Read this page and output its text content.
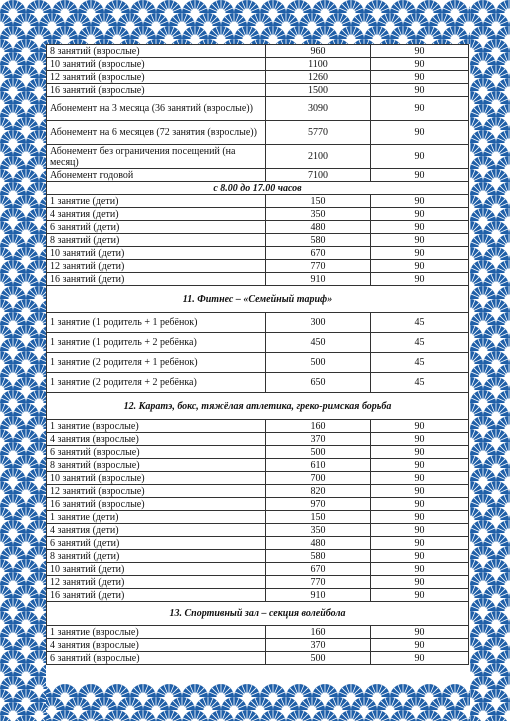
8 занятий (взрослые)	960	90
10 занятий (взрослые)	1100	90
12 занятий (взрослые)	1260	90
16 занятий (взрослые)	1500	90
Абонемент на 3 месяца (36 занятий (взрослые))	3090	90
Абонемент на 6 месяцев (72 занятия (взрослые))	5770	90
Абонемент без ограничения посещений (на месяц)	2100	90
Абонемент годовой	7100	90
с 8.00 до 17.00 часов		
1 занятие (дети)	150	90
4 занятия (дети)	350	90
6 занятий (дети)	480	90
8 занятий (дети)	580	90
10 занятий (дети)	670	90
12 занятий (дети)	770	90
16 занятий (дети)	910	90
11. Фитнес – «Семейный тариф»		
1 занятие (1 родитель + 1 ребёнок)	300	45
1 занятие (1 родитель + 2 ребёнка)	450	45
1 занятие (2 родителя + 1 ребёнок)	500	45
1 занятие (2 родителя + 2 ребёнка)	650	45
12. Каратэ, бокс, тяжёлая атлетика, греко-римская борьба		
1 занятие (взрослые)	160	90
4 занятия (взрослые)	370	90
6 занятий (взрослые)	500	90
8 занятий (взрослые)	610	90
10 занятий (взрослые)	700	90
12 занятий (взрослые)	820	90
16 занятий (взрослые)	970	90
1 занятие (дети)	150	90
4 занятия (дети)	350	90
6 занятий (дети)	480	90
8 занятий (дети)	580	90
10 занятий (дети)	670	90
12 занятий (дети)	770	90
16 занятий (дети)	910	90
13. Спортивный зал – секция волейбола		
1 занятие (взрослые)	160	90
4 занятия (взрослые)	370	90
6 занятий (взрослые)	500	90
